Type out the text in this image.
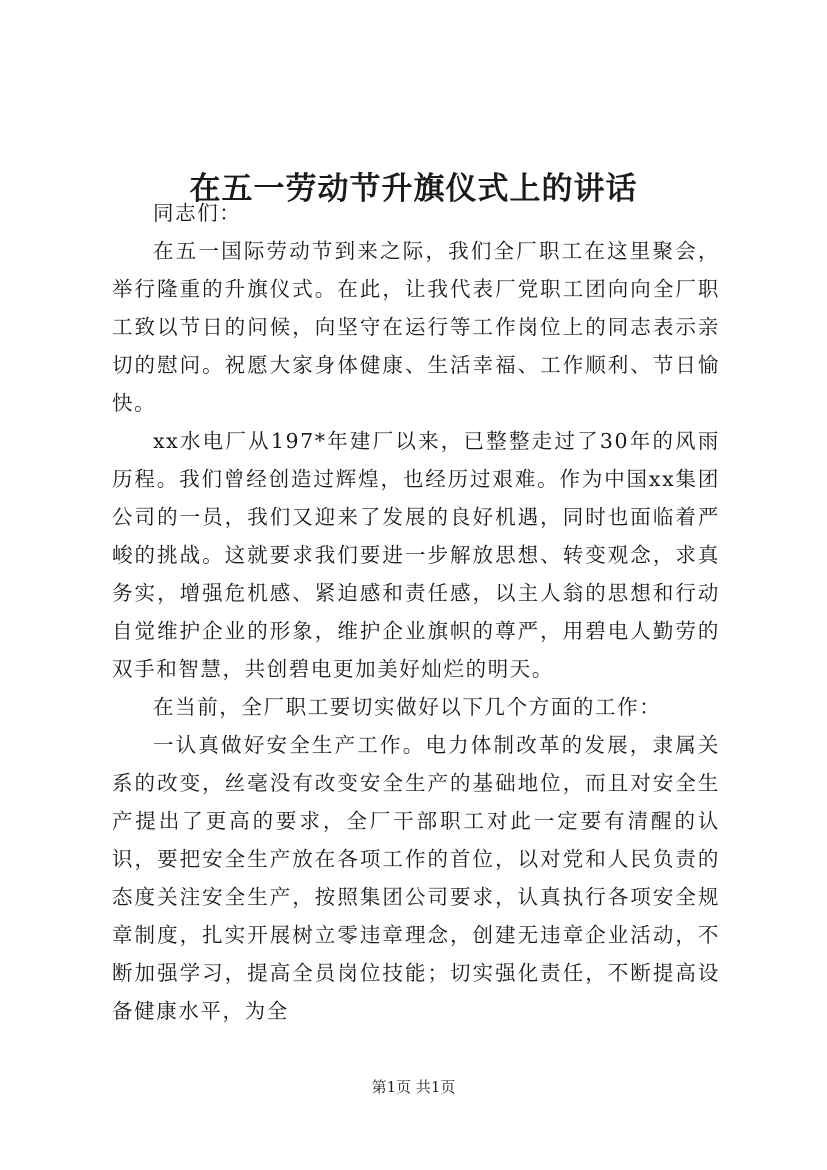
在五一劳动节升旗仪式上的讲话

同志们：

在五一国际劳动节到来之际，我们全厂职工在这里聚会，举行隆重的升旗仪式。在此，让我代表厂党职工团向向全厂职工致以节日的问候，向坚守在运行等工作岗位上的同志表示亲切的慰问。祝愿大家身体健康、生活幸福、工作顺利、节日愉快。

xx水电厂从197*年建厂以来，已整整走过了30年的风雨历程。我们曾经创造过辉煌，也经历过艰难。作为中国xx集团公司的一员，我们又迎来了发展的良好机遇，同时也面临着严峻的挑战。这就要求我们要进一步解放思想、转变观念，求真务实，增强危机感、紧迫感和责任感，以主人翁的思想和行动自觉维护企业的形象，维护企业旗帜的尊严，用碧电人勤劳的双手和智慧，共创碧电更加美好灿烂的明天。

在当前，全厂职工要切实做好以下几个方面的工作：

一认真做好安全生产工作。电力体制改革的发展，隶属关系的改变，丝毫没有改变安全生产的基础地位，而且对安全生产提出了更高的要求，全厂干部职工对此一定要有清醒的认识，要把安全生产放在各项工作的首位，以对党和人民负责的态度关注安全生产，按照集团公司要求，认真执行各项安全规章制度，扎实开展树立零违章理念，创建无违章企业活动，不断加强学习，提高全员岗位技能；切实强化责任，不断提高设备健康水平，为全

第1页 共1页
